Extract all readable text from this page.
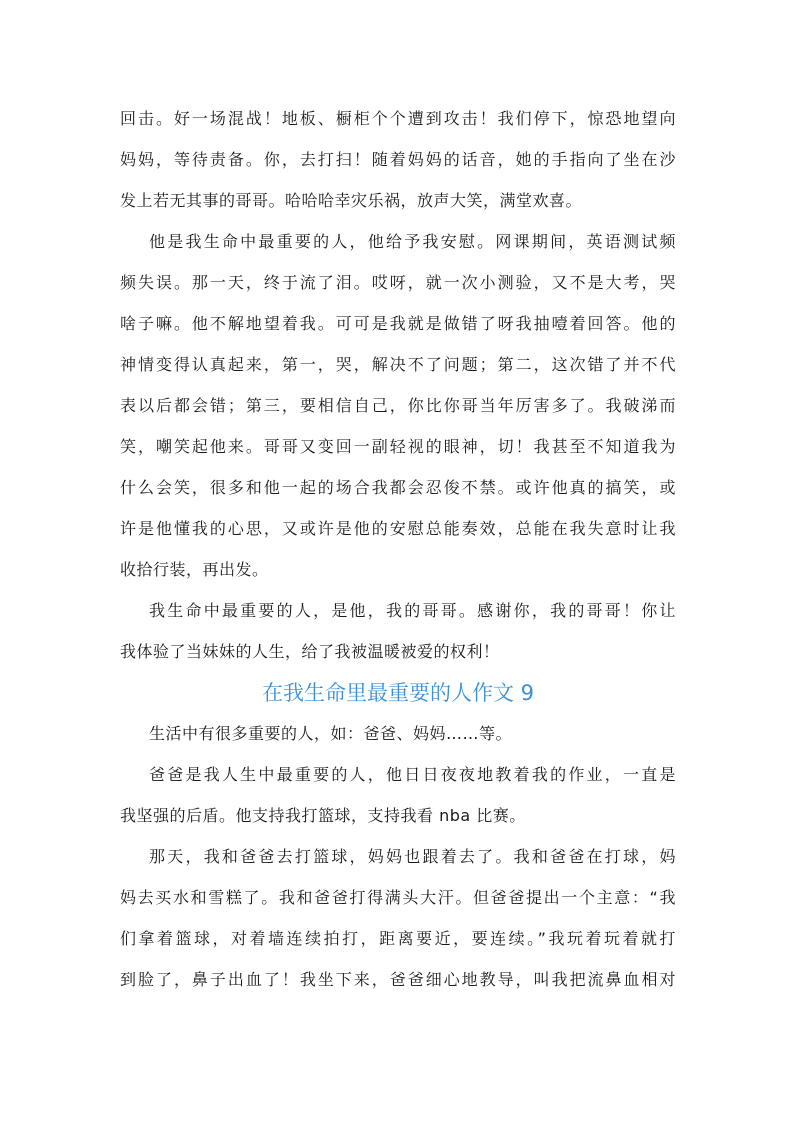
回击。好一场混战！地板、橱柜个个遭到攻击！我们停下，惊恐地望向
妈妈，等待责备。你，去打扫！随着妈妈的话音，她的手指向了坐在沙
发上若无其事的哥哥。哈哈哈幸灾乐祸，放声大笑，满堂欢喜。
他是我生命中最重要的人，他给予我安慰。网课期间，英语测试频
频失误。那一天，终于流了泪。哎呀，就一次小测验，又不是大考，哭
啥子嘛。他不解地望着我。可可是我就是做错了呀我抽噎着回答。他的
神情变得认真起来，第一，哭，解决不了问题；第二，这次错了并不代
表以后都会错；第三，要相信自己，你比你哥当年厉害多了。我破涕而
笑，嘲笑起他来。哥哥又变回一副轻视的眼神，切！我甚至不知道我为
什么会笑，很多和他一起的场合我都会忍俊不禁。或许他真的搞笑，或
许是他懂我的心思，又或许是他的安慰总能奏效，总能在我失意时让我
收拾行装，再出发。
我生命中最重要的人，是他，我的哥哥。感谢你，我的哥哥！你让
我体验了当妹妹的人生，给了我被温暖被爱的权利！
在我生命里最重要的人作文 9
生活中有很多重要的人，如：爸爸、妈妈……等。
爸爸是我人生中最重要的人，他日日夜夜地教着我的作业，一直是
我坚强的后盾。他支持我打篮球，支持我看 nba 比赛。
那天，我和爸爸去打篮球，妈妈也跟着去了。我和爸爸在打球，妈
妈去买水和雪糕了。我和爸爸打得满头大汗。但爸爸提出一个主意：“我
们拿着篮球，对着墙连续拍打，距离要近，要连续。”我玩着玩着就打
到脸了，鼻子出血了！我坐下来，爸爸细心地教导，叫我把流鼻血相对
